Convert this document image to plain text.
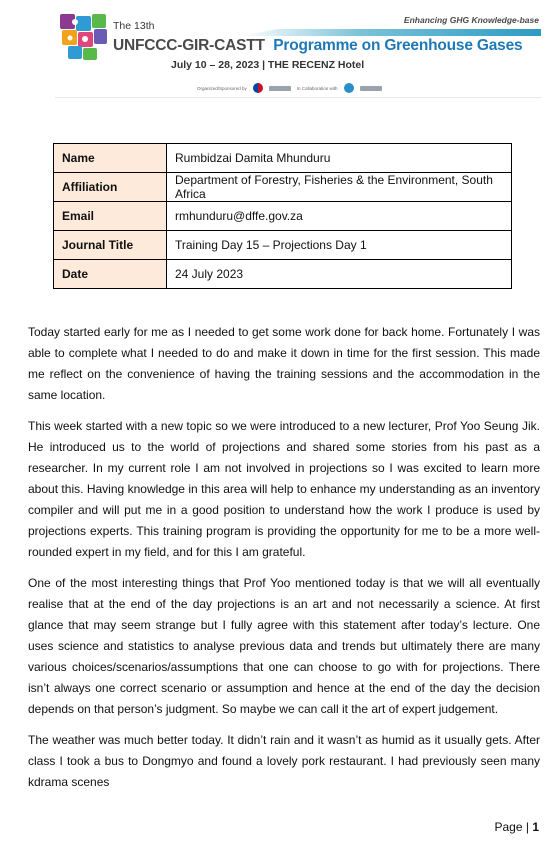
The 13th	Enhancing GHG Knowledge-base
UNFCCC-GIR-CASTT Programme on Greenhouse Gases
July 10 – 28, 2023 | THE RECENZ Hotel
Organized/Sponsored by	In Collaboration with
Name	Rumbidzai Damita Mhunduru
Affiliation	Department of Forestry, Fisheries & the Environment, South Africa
Email	rmhunduru@dffe.gov.za
Journal Title	Training Day 15 – Projections Day 1
Date	24 July 2023

Today started early for me as I needed to get some work done for back home. Fortunately I was able to complete what I needed to do and make it down in time for the first session. This made me reflect on the convenience of having the training sessions and the accommodation in the same location.

This week started with a new topic so we were introduced to a new lecturer, Prof Yoo Seung Jik. He introduced us to the world of projections and shared some stories from his past as a researcher. In my current role I am not involved in projections so I was excited to learn more about this. Having knowledge in this area will help to enhance my understanding as an inventory compiler and will put me in a good position to understand how the work I produce is used by projections experts. This training program is providing the opportunity for me to be a more well-rounded expert in my field, and for this I am grateful.

One of the most interesting things that Prof Yoo mentioned today is that we will all eventually realise that at the end of the day projections is an art and not necessarily a science. At first glance that may seem strange but I fully agree with this statement after today’s lecture. One uses science and statistics to analyse previous data and trends but ultimately there are many various choices/scenarios/assumptions that one can choose to go with for projections. There isn’t always one correct scenario or assumption and hence at the end of the day the decision depends on that person’s judgment. So maybe we can call it the art of expert judgement.

The weather was much better today. It didn’t rain and it wasn’t as humid as it usually gets. After class I took a bus to Dongmyo and found a lovely pork restaurant. I had previously seen many kdrama scenes

Page | 1
